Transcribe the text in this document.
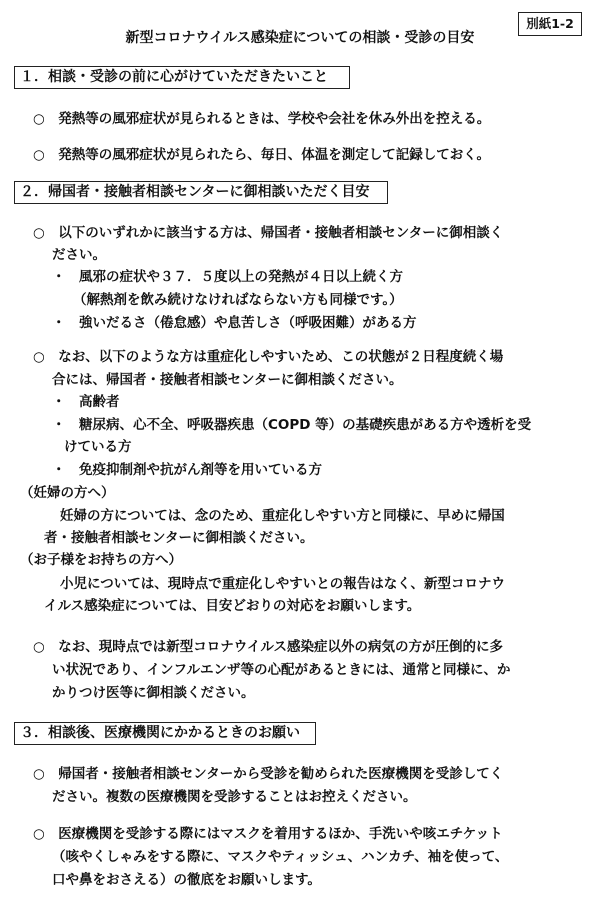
別紙1-2
新型コロナウイルス感染症についての相談・受診の目安
１．相談・受診の前に心がけていただきたいこと
○　発熱等の風邪症状が見られるときは、学校や会社を休み外出を控える。
○　発熱等の風邪症状が見られたら、毎日、体温を測定して記録しておく。
２．帰国者・接触者相談センターに御相談いただく目安
○　以下のいずれかに該当する方は、帰国者・接触者相談センターに御相談く
ださい。
・　風邪の症状や３７．５度以上の発熱が４日以上続く方
（解熱剤を飲み続けなければならない方も同様です。）
・　強いだるさ（倦怠感）や息苦しさ（呼吸困難）がある方
○　なお、以下のような方は重症化しやすいため、この状態が２日程度続く場
合には、帰国者・接触者相談センターに御相談ください。
・　高齢者
・　糖尿病、心不全、呼吸器疾患（COPD 等）の基礎疾患がある方や透析を受
けている方
・　免疫抑制剤や抗がん剤等を用いている方
（妊婦の方へ）
妊婦の方については、念のため、重症化しやすい方と同様に、早めに帰国
者・接触者相談センターに御相談ください。
（お子様をお持ちの方へ）
小児については、現時点で重症化しやすいとの報告はなく、新型コロナウ
イルス感染症については、目安どおりの対応をお願いします。
○　なお、現時点では新型コロナウイルス感染症以外の病気の方が圧倒的に多
い状況であり、インフルエンザ等の心配があるときには、通常と同様に、か
かりつけ医等に御相談ください。
３．相談後、医療機関にかかるときのお願い
○　帰国者・接触者相談センターから受診を勧められた医療機関を受診してく
ださい。複数の医療機関を受診することはお控えください。
○　医療機関を受診する際にはマスクを着用するほか、手洗いや咳エチケット
（咳やくしゃみをする際に、マスクやティッシュ、ハンカチ、袖を使って、
口や鼻をおさえる）の徹底をお願いします。
